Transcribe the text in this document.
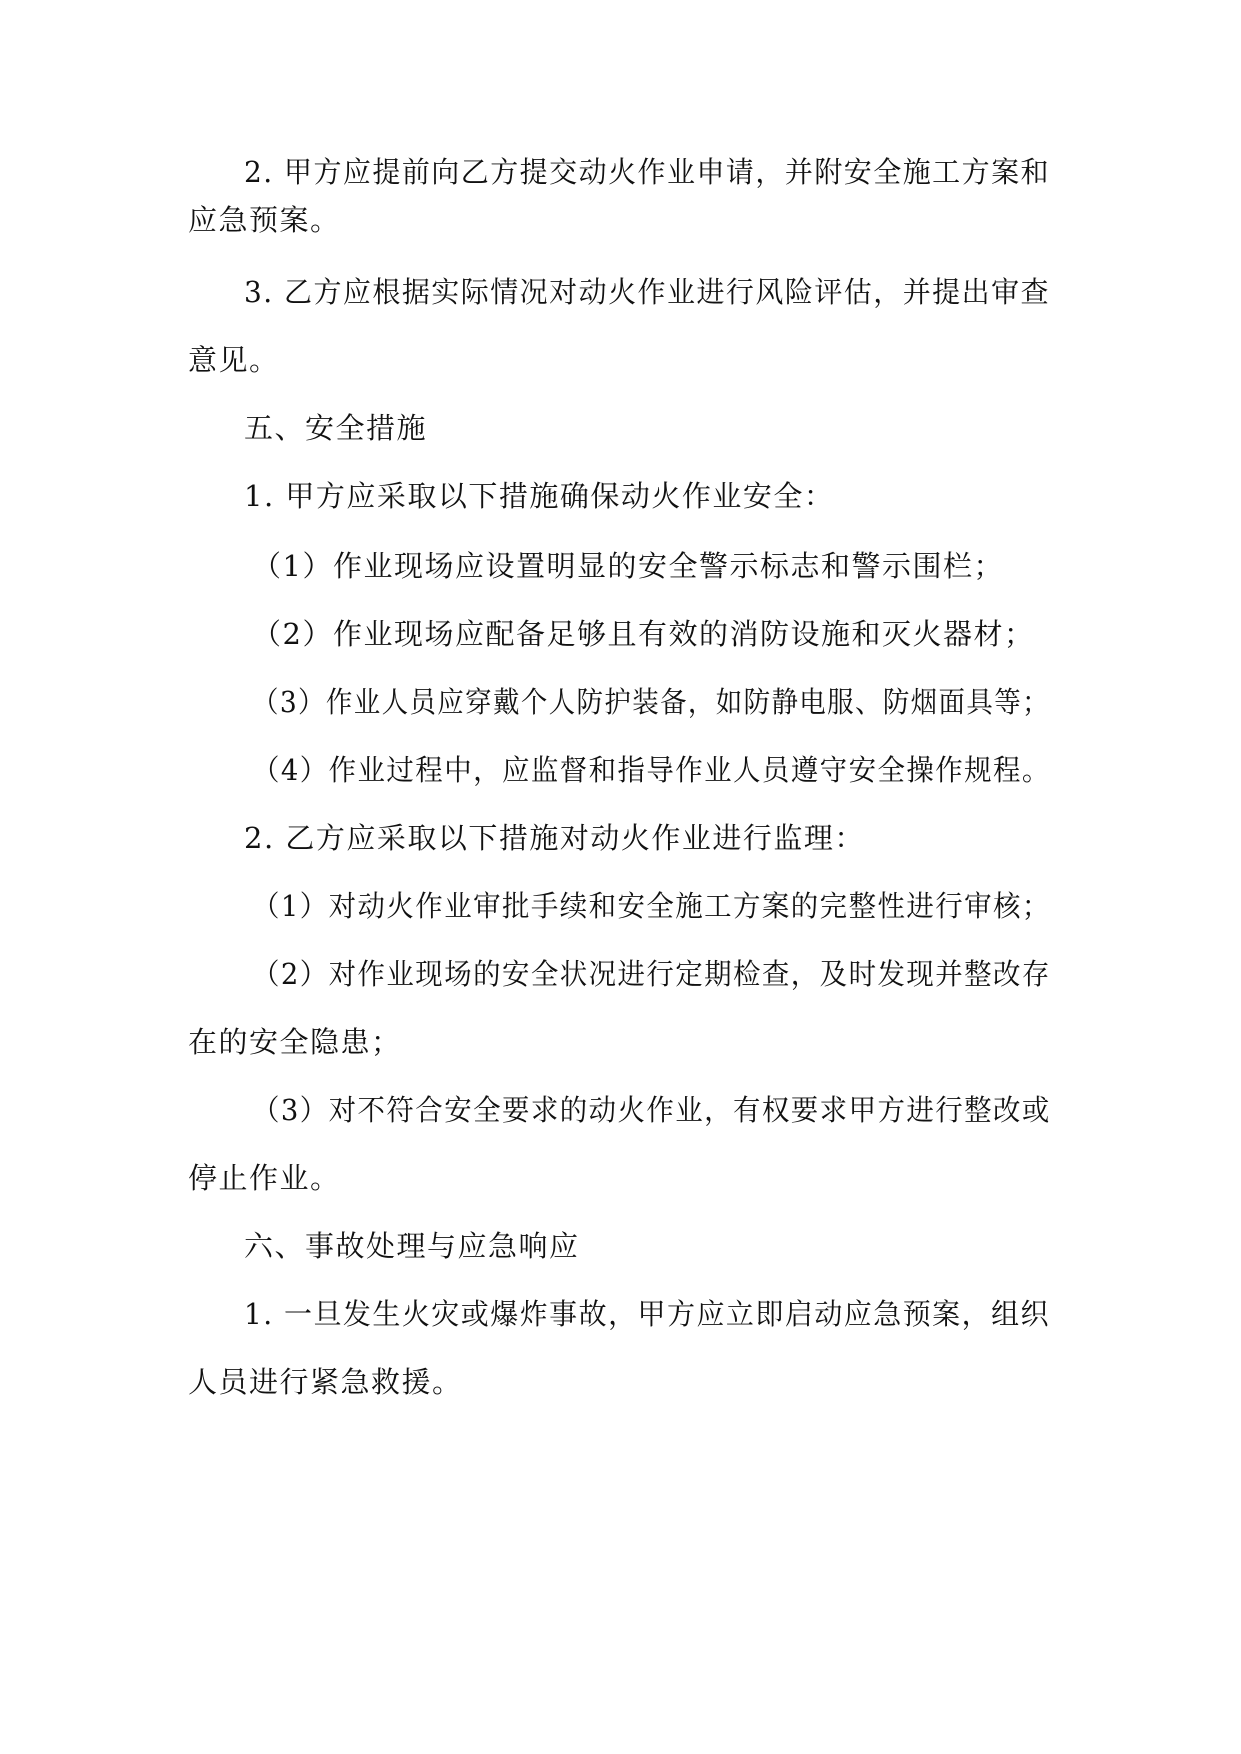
2. 甲方应提前向乙方提交动火作业申请，并附安全施工方案和
应急预案。
3. 乙方应根据实际情况对动火作业进行风险评估，并提出审查
意见。
五、安全措施
1. 甲方应采取以下措施确保动火作业安全：
（1）作业现场应设置明显的安全警示标志和警示围栏；
（2）作业现场应配备足够且有效的消防设施和灭火器材；
（3）作业人员应穿戴个人防护装备，如防静电服、防烟面具等；
（4）作业过程中，应监督和指导作业人员遵守安全操作规程。
2. 乙方应采取以下措施对动火作业进行监理：
（1）对动火作业审批手续和安全施工方案的完整性进行审核；
（2）对作业现场的安全状况进行定期检查，及时发现并整改存
在的安全隐患；
（3）对不符合安全要求的动火作业，有权要求甲方进行整改或
停止作业。
六、事故处理与应急响应
1. 一旦发生火灾或爆炸事故，甲方应立即启动应急预案，组织
人员进行紧急救援。
